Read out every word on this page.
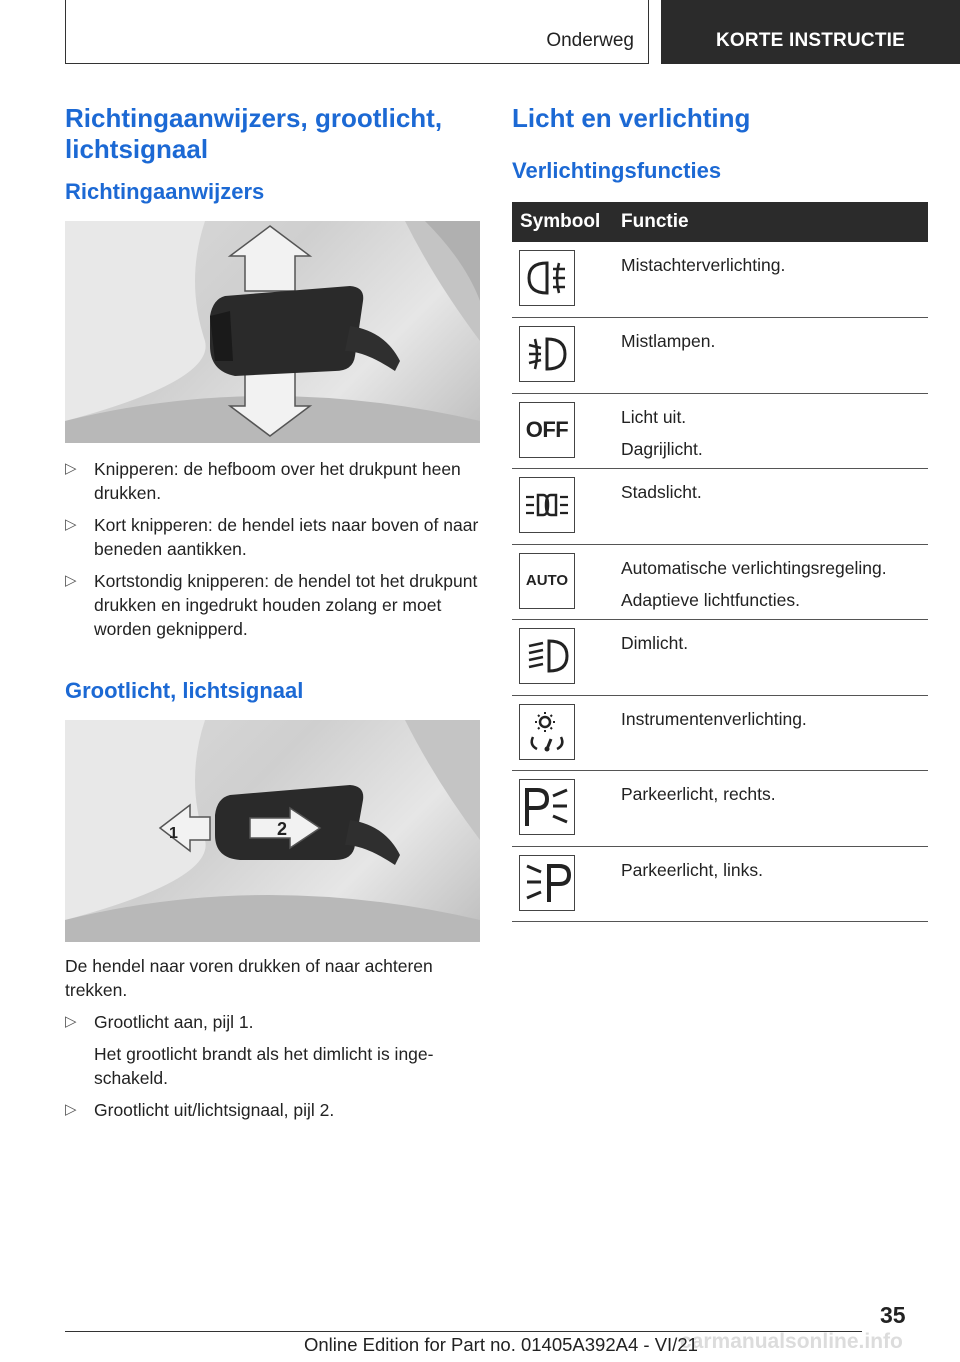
Onderweg	KORTE INSTRUCTIE
Richtingaanwijzers, grootlicht, lichtsignaal
Richtingaanwijzers
▷ Knipperen: de hefboom over het drukpunt heen drukken.
▷ Kort knipperen: de hendel iets naar boven of naar beneden aantikken.
▷ Kortstondig knipperen: de hendel tot het drukpunt drukken en ingedrukt houden zolang er moet worden geknipperd.
Grootlicht, lichtsignaal
1	2

De hendel naar voren drukken of naar achteren trekken.

▷ Grootlicht aan, pijl 1.
Het grootlicht brandt als het dimlicht is ingeschakeld.
▷ Grootlicht uit/lichtsignaal, pijl 2.
Licht en verlichting
Verlichtingsfuncties
Symbool	Functie

Mistachterverlichting.

Mistlampen.

OFF	Licht uit.
Dagrijlicht.

Stadslicht.

AUTO	Automatische verlichtingsregeling.
Adaptieve lichtfuncties.

Dimlicht.

Instrumentenverlichting.

Parkeerlicht, rechts.

Parkeerlicht, links.
35
carmanualsonline.info
Online Edition for Part no. 01405A392A4 - VI/21
